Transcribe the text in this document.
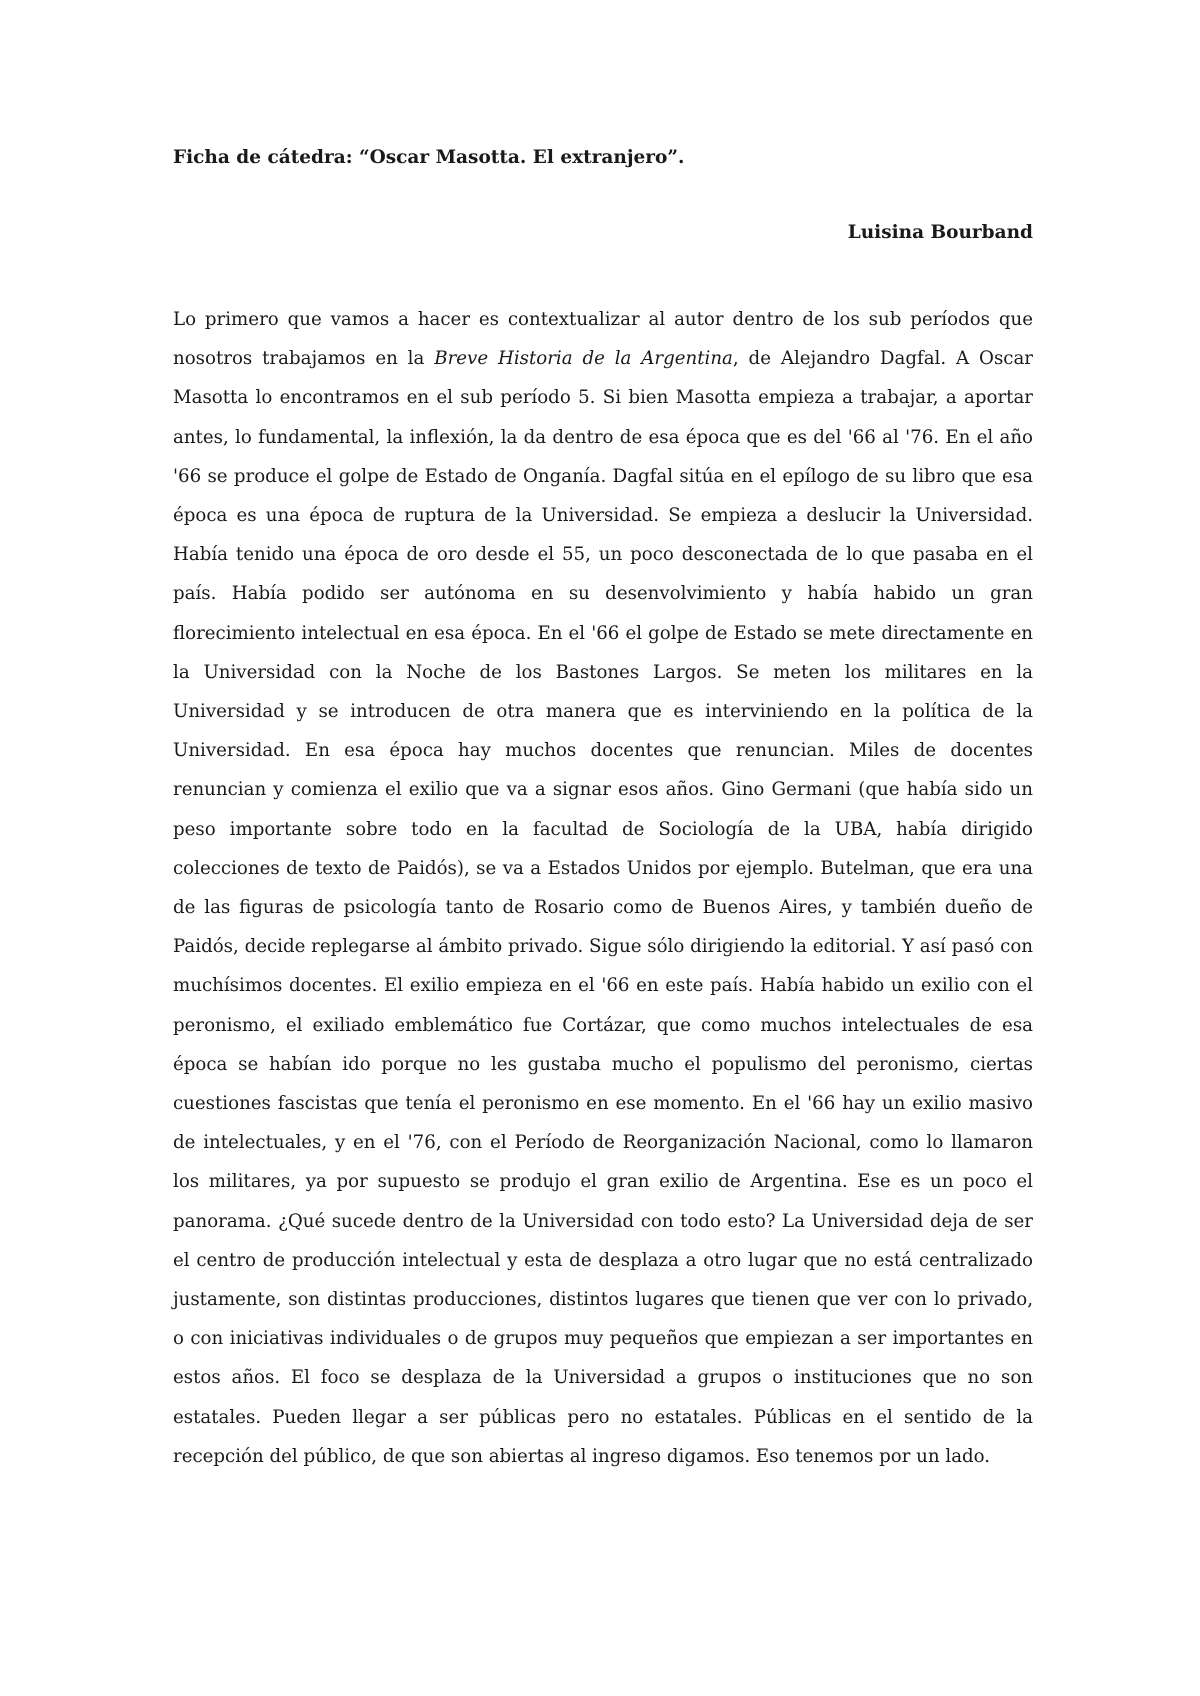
Ficha de cátedra: “Oscar Masotta. El extranjero”.
Luisina Bourband

Lo primero que vamos a hacer es contextualizar al autor dentro de los sub períodos que nosotros trabajamos en la Breve Historia de la Argentina, de Alejandro Dagfal. A Oscar Masotta lo encontramos en el sub período 5. Si bien Masotta empieza a trabajar, a aportar antes, lo fundamental, la inflexión, la da dentro de esa época que es del '66 al '76. En el año '66 se produce el golpe de Estado de Onganía. Dagfal sitúa en el epílogo de su libro que esa época es una época de ruptura de la Universidad. Se empieza a deslucir la Universidad. Había tenido una época de oro desde el 55, un poco desconectada de lo que pasaba en el país. Había podido ser autónoma en su desenvolvimiento y había habido un gran florecimiento intelectual en esa época. En el '66 el golpe de Estado se mete directamente en la Universidad con la Noche de los Bastones Largos. Se meten los militares en la Universidad y se introducen de otra manera que es interviniendo en la política de la Universidad. En esa época hay muchos docentes que renuncian. Miles de docentes renuncian y comienza el exilio que va a signar esos años. Gino Germani (que había sido un peso importante sobre todo en la facultad de Sociología de la UBA, había dirigido colecciones de texto de Paidós), se va a Estados Unidos por ejemplo. Butelman, que era una de las figuras de psicología tanto de Rosario como de Buenos Aires, y también dueño de Paidós, decide replegarse al ámbito privado. Sigue sólo dirigiendo la editorial. Y así pasó con muchísimos docentes. El exilio empieza en el '66 en este país. Había habido un exilio con el peronismo, el exiliado emblemático fue Cortázar, que como muchos intelectuales de esa época se habían ido porque no les gustaba mucho el populismo del peronismo, ciertas cuestiones fascistas que tenía el peronismo en ese momento. En el '66 hay un exilio masivo de intelectuales, y en el '76, con el Período de Reorganización Nacional, como lo llamaron los militares, ya por supuesto se produjo el gran exilio de Argentina. Ese es un poco el panorama. ¿Qué sucede dentro de la Universidad con todo esto? La Universidad deja de ser el centro de producción intelectual y esta de desplaza a otro lugar que no está centralizado justamente, son distintas producciones, distintos lugares que tienen que ver con lo privado, o con iniciativas individuales o de grupos muy pequeños que empiezan a ser importantes en estos años. El foco se desplaza de la Universidad a grupos o instituciones que no son estatales. Pueden llegar a ser públicas pero no estatales. Públicas en el sentido de la recepción del público, de que son abiertas al ingreso digamos. Eso tenemos por un lado.
